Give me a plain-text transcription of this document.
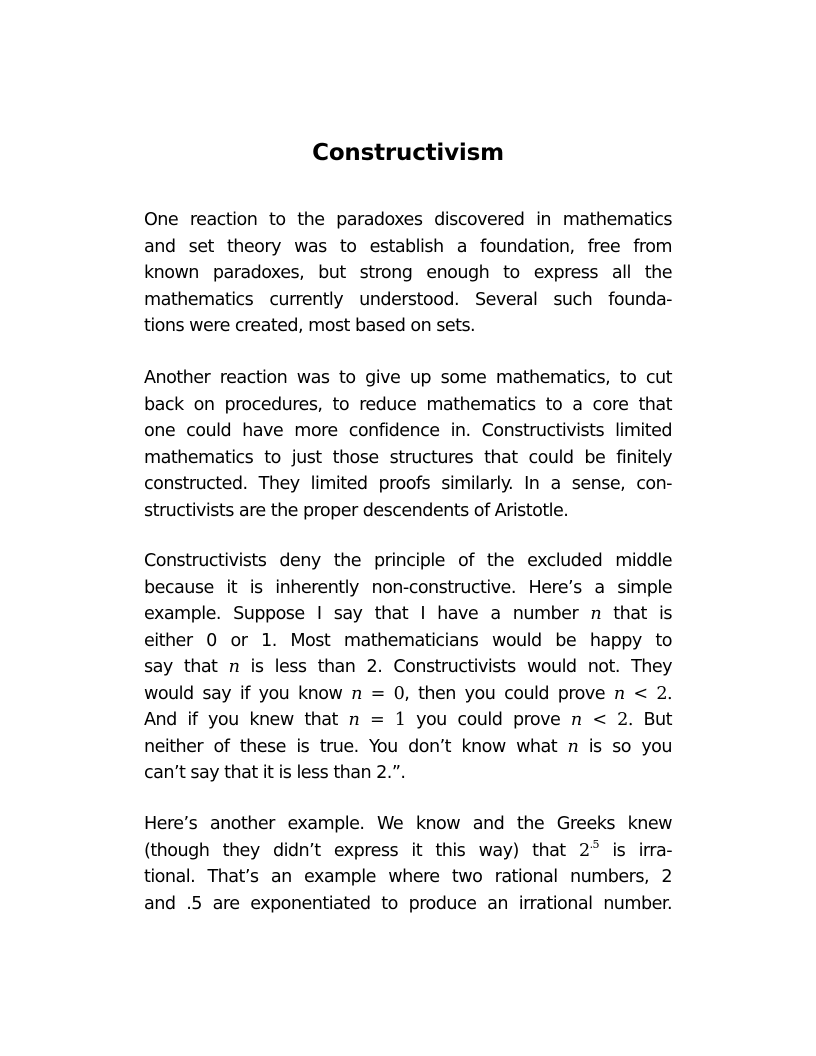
Constructivism
One reaction to the paradoxes discovered in mathematics
and set theory was to establish a foundation, free from
known paradoxes, but strong enough to express all the
mathematics currently understood. Several such founda-
tions were created, most based on sets.
Another reaction was to give up some mathematics, to cut
back on procedures, to reduce mathematics to a core that
one could have more confidence in. Constructivists limited
mathematics to just those structures that could be finitely
constructed. They limited proofs similarly. In a sense, con-
structivists are the proper descendents of Aristotle.
Constructivists deny the principle of the excluded middle
because it is inherently non-constructive. Here’s a simple
example. Suppose I say that I have a number n that is
either 0 or 1. Most mathematicians would be happy to
say that n is less than 2. Constructivists would not. They
would say if you know n = 0, then you could prove n < 2.
And if you knew that n = 1 you could prove n < 2. But
neither of these is true. You don’t know what n is so you
can’t say that it is less than 2.”.
Here’s another example. We know and the Greeks knew
(though they didn’t express it this way) that $2^{.5}$ is irra-
tional. That’s an example where two rational numbers, 2
and .5 are exponentiated to produce an irrational number.
